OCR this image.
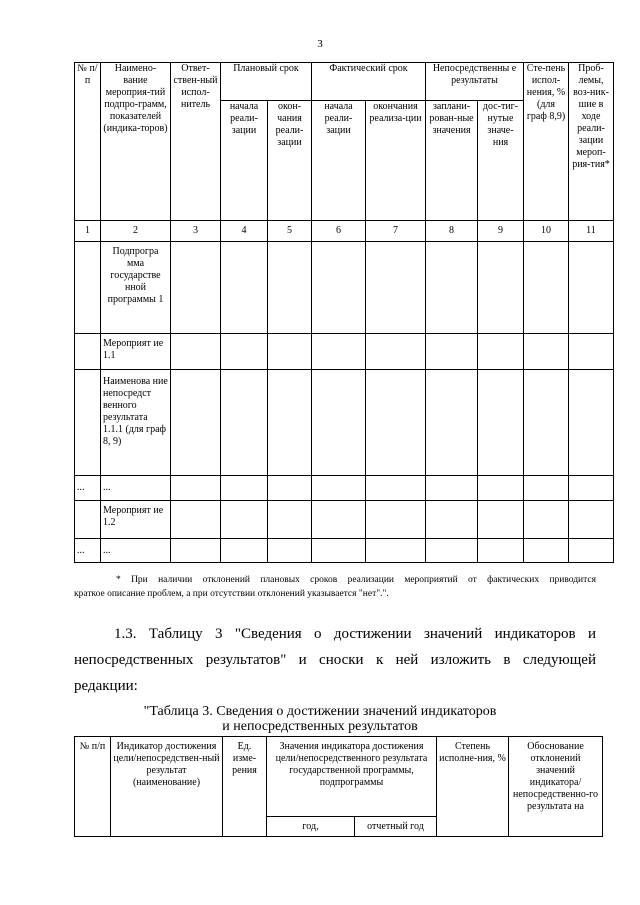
3
№ п/п	Наимено-вание мероприя-тий подпро-грамм, показателей (индика-торов)	Ответ-ствен-ный испол-нитель	Плановый срок		Фактический срок		Непосредственны е результаты		Сте-пень испол-нения, % (для граф 8,9)	Проб-лемы, воз-ник-шие в ходе реали-зации мероп-рия-тия*
			начала реали-зации	окон-чания реали-зации	начала реали-зации	окончания реализа-ции	заплани-рован-ные значения	дос-тиг-нутые значе-ния		
1	2	3	4	5	6	7	8	9	10	11
	Подпрогра мма государстве нной программы 1									
	Мероприят ие 1.1									
	Наименова ние непосредст венного результата 1.1.1 (для граф 8, 9)									
...	...									
	Мероприят ие 1.2									
...	...									
* При наличии отклонений плановых сроков реализации мероприятий от фактических приводится
краткое описание проблем, а при отсутствии отклонений указывается "нет".".
1.3. Таблицу 3 "Сведения о достижении значений индикаторов и
непосредственных результатов" и сноски к ней изложить в следующей
редакции:
"Таблица 3. Сведения о достижении значений индикаторов
и непосредственных результатов
№ п/п	Индикатор достижения цели/непосредствен-ный результат (наименование)	Ед. изме-рения	Значения индикатора достижения цели/непосредственного результата государственной программы, подпрограммы		Степень исполне-ния, %	Обоснование отклонений значений индикатора/ непосредственно-го результата на
			год,	отчетный год		
